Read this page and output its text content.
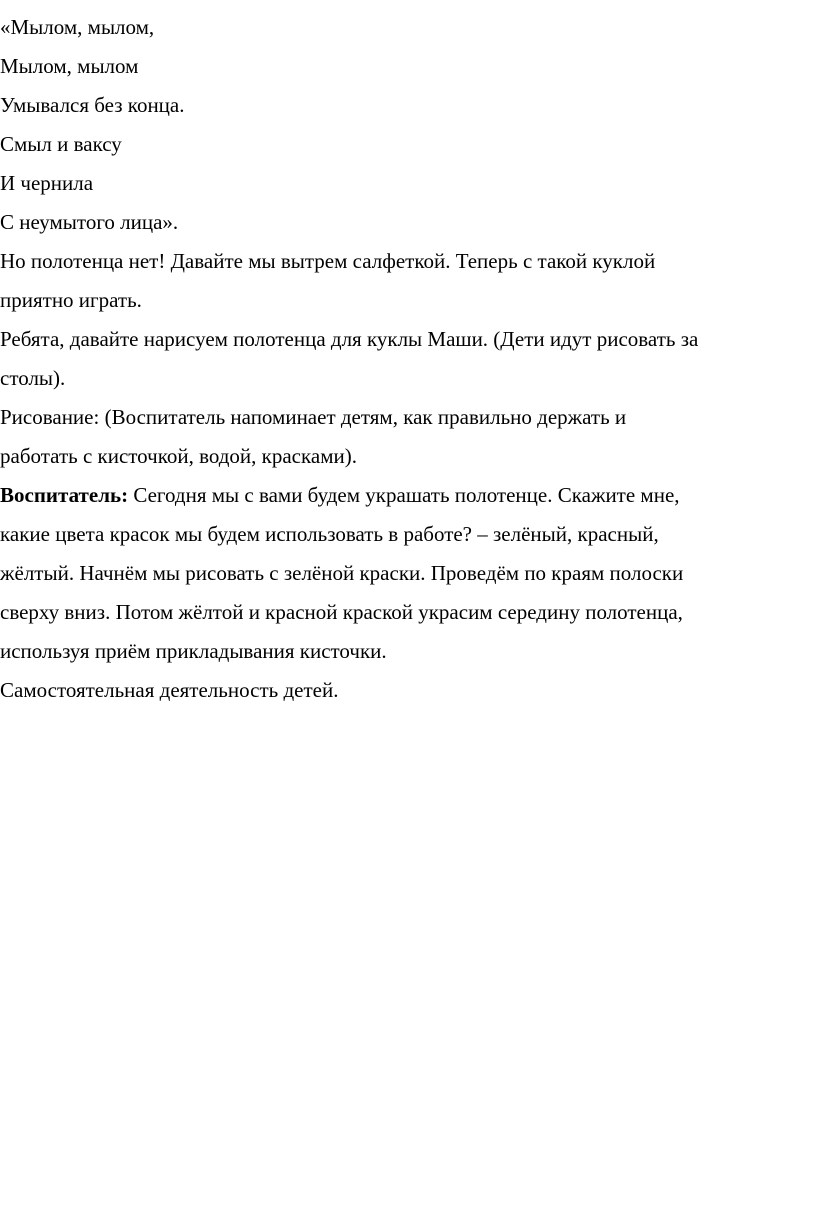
«Мылом, мылом,

Мылом, мылом

Умывался без конца.

Смыл и ваксу

И чернила

С неумытого лица».

Но полотенца нет! Давайте мы вытрем салфеткой. Теперь с такой куклой

приятно играть.

Ребята, давайте нарисуем полотенца для куклы Маши. (Дети идут рисовать за

столы).

Рисование: (Воспитатель напоминает детям, как правильно держать и

работать с кисточкой, водой, красками).

Воспитатель: Сегодня мы с вами будем украшать полотенце. Скажите мне,

какие цвета красок мы будем использовать в работе? – зелёный, красный,

жёлтый. Начнём мы рисовать с зелёной краски. Проведём по краям полоски

сверху вниз. Потом жёлтой и красной краской украсим середину полотенца,

используя приём прикладывания кисточки.

Самостоятельная деятельность детей.
